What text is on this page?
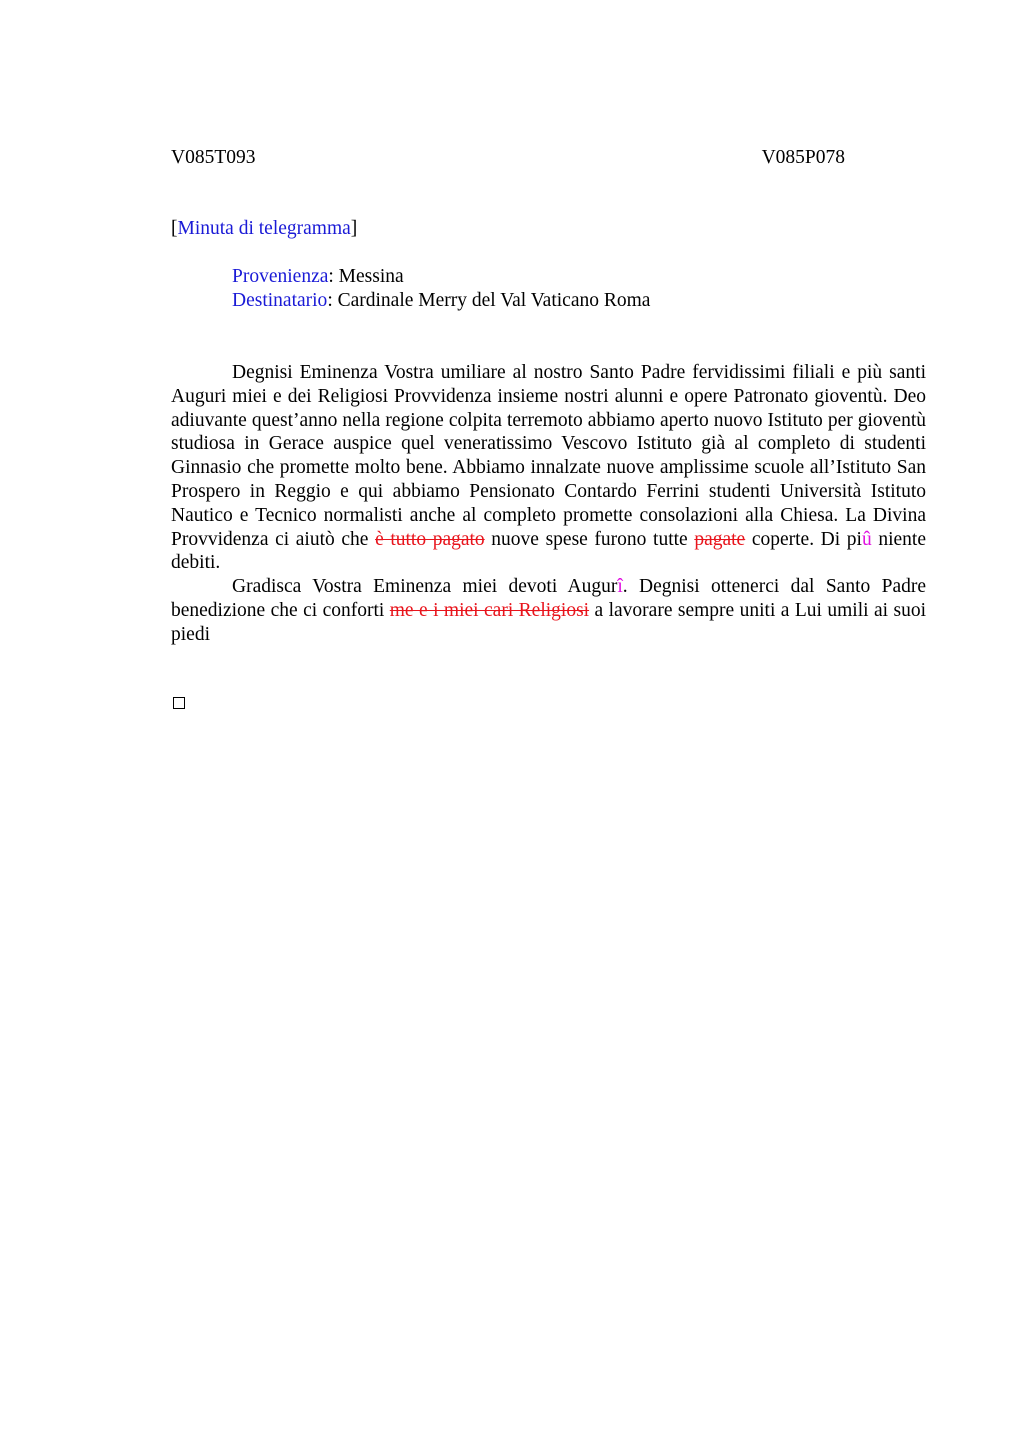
V085T093	V085P078
[Minuta di telegramma]
Provenienza: Messina
Destinatario: Cardinale Merry del Val Vaticano Roma

Degnisi Eminenza Vostra umiliare al nostro Santo Padre fervidissimi filiali e più santi Auguri miei e dei Religiosi Provvidenza insieme nostri alunni e opere Patronato gioventù. Deo adiuvante quest’anno nella regione colpita terremoto abbiamo aperto nuovo Istituto per gioventù studiosa in Gerace auspice quel veneratissimo Vescovo Istituto già al completo di studenti Ginnasio che promette molto bene. Abbiamo innalzate nuove amplissime scuole all’Istituto San Prospero in Reggio e qui abbiamo Pensionato Contardo Ferrini studenti Università Istituto Nautico e Tecnico normalisti anche al completo promette consolazioni alla Chiesa. La Divina Provvidenza ci aiutò che è tutto pagato nuove spese furono tutte pagate coperte. Di piû niente debiti.

Gradisca Vostra Eminenza miei devoti Augurî. Degnisi ottenerci dal Santo Padre benedizione che ci conforti me e i miei cari Religiosi a lavorare sempre uniti a Lui umili ai suoi piedi
